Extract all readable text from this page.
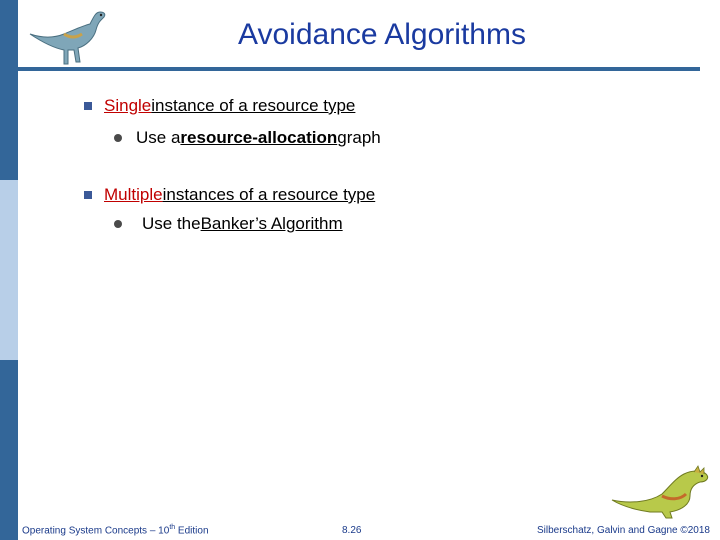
Avoidance Algorithms
Single instance of a resource type
Use a resource-allocation graph
Multiple instances of a resource type
Use the Banker’s Algorithm
Operating System Concepts – 10th Edition	8.26	Silberschatz, Galvin and Gagne ©2018
